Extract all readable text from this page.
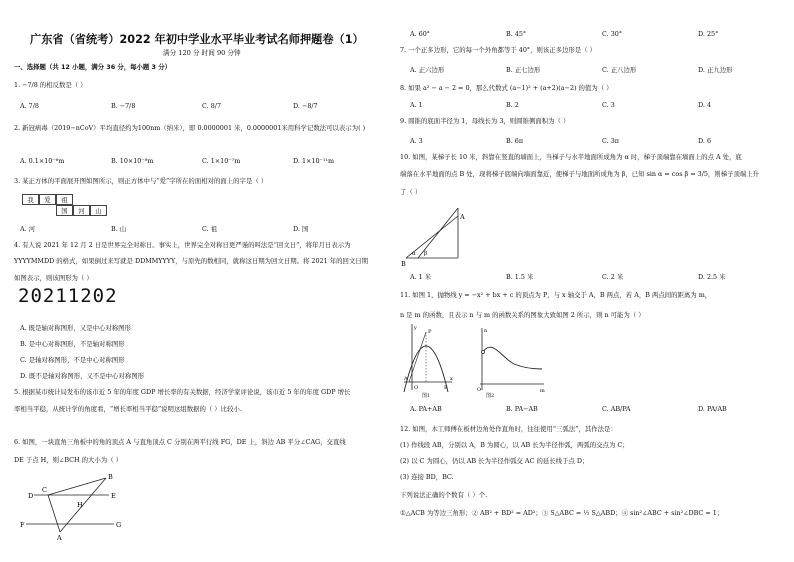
广东省（省统考）2022 年初中学业水平毕业考试名师押题卷（1）
满分 120 分 时间 90 分钟
一、选择题（共 12 小题，满分 36 分，每小题 3 分）
1. −7/8 的相反数是（ ）
A. 7/8	B. −7/8	C. 8/7	D. −8/7
2. 新冠病毒（2019−nCoV）平均直径约为100nm（纳米），即 0.0000001 米，0.0000001米用科学记数法可以表示为( )
A. 0.1×10⁻⁶m	B. 10×10⁻⁸m	C. 1×10⁻⁷m	D. 1×10⁻¹¹m
3. 某正方体的平面展开图如图所示，则正方体中与“爱”字所在的面相对的面上的字是（ ）
我	爱	祖
国	河	山
A. 河	B. 山	C. 祖	D. 国
4. 有人说 2021 年 12 月 2 日是世界完全对称日。事实上，世界完全对称日更严谨的叫法是“回文日”，将年月日表示为
YYYYMMDD 的格式，如果倒过来写就是 DDMMYYYY，与原先的数相同，就称这日期为回文日期。将 2021 年的回文日期
如图表示，则该图形为（ ）
20211202
A. 既是轴对称图形，又是中心对称图形
B. 是中心对称图形，不是轴对称图形
C. 是轴对称图形，不是中心对称图形
D. 既不是轴对称图形，又不是中心对称图形
5. 根据某市统计局发布的该市近 5 年的年度 GDP 增长率的有关数据，经济学家评论说，该市近 5 年的年度 GDP 增长
率相当平稳，从统计学的角度看，“增长率相当平稳”说明这组数据的（ ）比较小.
6. 如图，一块直角三角板中的角的顶点 A 与直角顶点 C 分别在两平行线 FG，DE 上，斜边 AB 平分∠CAG，交直线
DE 于点 H，则∠BCH 的大小为（ ）
B
C
D	E
H
F	G
A
A. 60°	B. 45°	C. 30°	D. 25°
7. 一个正多边形，它的每一个外角都等于 40°，则该正多边形是（ ）
A. 正六边形	B. 正七边形	C. 正八边形	D. 正九边形
8. 如果 a² − a − 2 = 0，那么代数式 (a−1)² + (a+2)(a−2) 的值为（ ）
A. 1	B. 2	C. 3	D. 4
9. 圆锥的底面半径为 1，母线长为 3，则圆锥侧面积为（ ）
A. 3	B. 6π	C. 3π	D. 6
10. 如图，某梯子长 10 米，斜靠在竖直的墙面上，当梯子与水平地面所成角为 α 时，梯子顶端靠在墙面上的点 A 处，底
端落在水平地面的点 B 处，现将梯子底端向墙面靠近，使梯子与地面所成角为 β，已知 sin α = cos β = 3/5，则梯子顶端上升
了（ ）
A
B
α β
A. 1 米	B. 1.5 米	C. 2 米	D. 2.5 米
11. 如图 1，抛物线 y = −x² + bx + c 的顶点为 P，与 x 轴交于 A，B 两点，若 A，B 两点间的距离为 m，
n 是 m 的函数，且表示 n 与 m 的函数关系的图象大致如图 2 所示，则 n 可能为（ ）
y
P
x
O
A
B
图1
n
m
O
图2
A. PA+AB	B. PA−AB	C. AB/PA	D. PA/AB
12. 如图，木工师傅在板材边角处作直角时，往往使用“三弧法”，其作法是：
(1) 作线段 AB，分别以 A，B 为圆心，以 AB 长为半径作弧，两弧的交点为 C；
(2) 以 C 为圆心，仍以 AB 长为半径作弧交 AC 的延长线于点 D；
(3) 连接 BD，BC.
下列说法正确的个数有（ ）个.
①△ACB 为等边三角形；② AB² + BD² = AD²；③ S△ABC = ½ S△ABD；④ sin²∠ABC + sin²∠DBC = 1；
